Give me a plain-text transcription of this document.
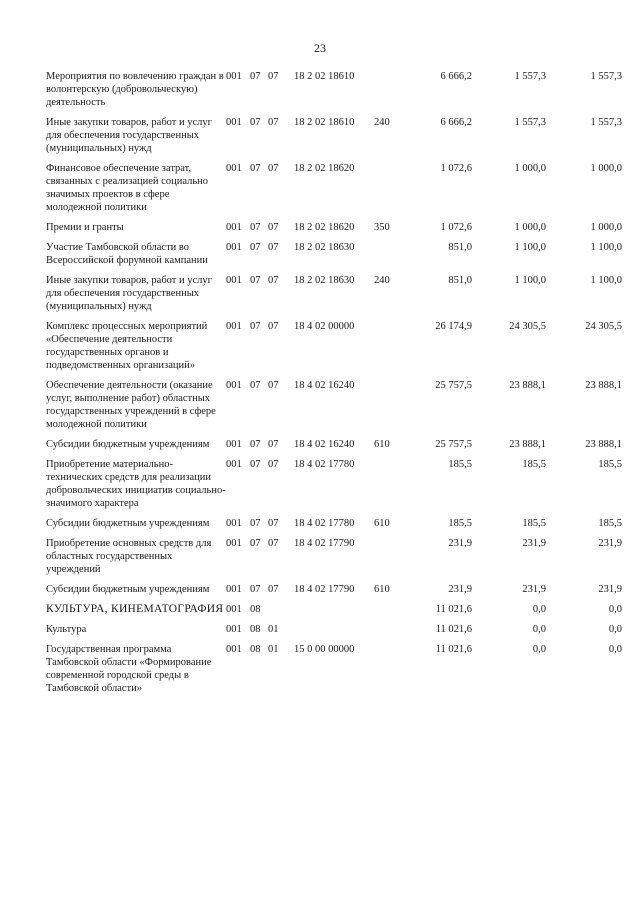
23
Мероприятия по вовлечению граждан в волонтерскую (добровольческую) деятельность	001	07	07	18 2 02 18610		6 666,2	1 557,3	1 557,3
Иные закупки товаров, работ и услуг для обеспечения государственных (муниципальных) нужд	001	07	07	18 2 02 18610	240	6 666,2	1 557,3	1 557,3
Финансовое обеспечение затрат, связанных с реализацией социально значимых проектов в сфере молодежной политики	001	07	07	18 2 02 18620		1 072,6	1 000,0	1 000,0
Премии и гранты	001	07	07	18 2 02 18620	350	1 072,6	1 000,0	1 000,0
Участие Тамбовской области во Всероссийской форумной кампании	001	07	07	18 2 02 18630		851,0	1 100,0	1 100,0
Иные закупки товаров, работ и услуг для обеспечения государственных (муниципальных) нужд	001	07	07	18 2 02 18630	240	851,0	1 100,0	1 100,0
Комплекс процессных мероприятий «Обеспечение деятельности государственных органов и подведомственных организаций»	001	07	07	18 4 02 00000		26 174,9	24 305,5	24 305,5
Обеспечение деятельности (оказание услуг, выполнение работ) областных государственных учреждений в сфере молодежной политики	001	07	07	18 4 02 16240		25 757,5	23 888,1	23 888,1
Субсидии бюджетным учреждениям	001	07	07	18 4 02 16240	610	25 757,5	23 888,1	23 888,1
Приобретение материально-технических средств для реализации добровольческих инициатив социально-значимого характера	001	07	07	18 4 02 17780		185,5	185,5	185,5
Субсидии бюджетным учреждениям	001	07	07	18 4 02 17780	610	185,5	185,5	185,5
Приобретение основных средств для областных государственных учреждений	001	07	07	18 4 02 17790		231,9	231,9	231,9
Субсидии бюджетным учреждениям	001	07	07	18 4 02 17790	610	231,9	231,9	231,9
КУЛЬТУРА, КИНЕМАТОГРАФИЯ	001	08				11 021,6	0,0	0,0
Культура	001	08	01			11 021,6	0,0	0,0
Государственная программа Тамбовской области «Формирование современной городской среды в Тамбовской области»	001	08	01	15 0 00 00000		11 021,6	0,0	0,0
